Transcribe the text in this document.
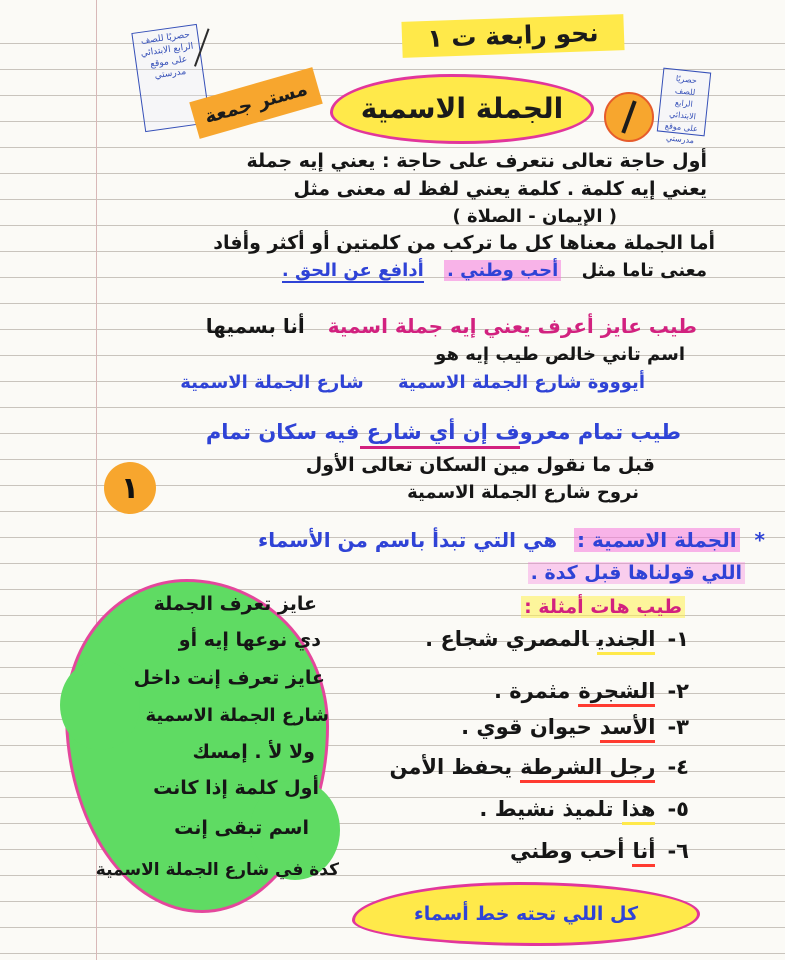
نحو رابعة ت ١
حصريًا للصف الرابع الابتدائي على موقع مدرستي
مستر جمعة	الجملة الاسمية
حصريًا للصف الرابع الابتدائي على موقع مدرستي
أول حاجة تعالى نتعرف على حاجة : يعني إيه جملة
يعني إيه كلمة . كلمة يعني لفظ له معنى مثل
( الإيمان - الصلاة )
أما الجملة معناها كل ما تركب من كلمتين أو أكثر وأفاد
معنى تاما مثل أحب وطني . أدافع عن الحق .
طيب عايز أعرف يعني إيه جملة اسمية أنا بسميها
اسم تاني خالص طيب إيه هو
أيوووة شارع الجملة الاسمية شارع الجملة الاسمية
طيب تمام معروف إن أي شارع فيه سكان تمام
قبل ما نقول مين السكان تعالى الأول
نروح شارع الجملة الاسمية
١
* الجملة الاسمية : هي التي تبدأ باسم من الأسماء
اللي قولناها قبل كدة .
طيب هات أمثلة :
١-الجنديالمصري شجاع .
٢-الشجرةمثمرة .
٣-الأسدحيوان قوي .
٤-رجل الشرطةيحفظ الأمن
٥-هذاتلميذ نشيط .
٦-أناأحب وطني
عايز تعرف الجملة
دي نوعها إيه أو
عايز تعرف إنت داخل
شارع الجملة الاسمية
ولا لأ . إمسك
أول كلمة إذا كانت
اسم تبقى إنت
كدة في شارع الجملة الاسمية
كل اللي تحته خط أسماء
